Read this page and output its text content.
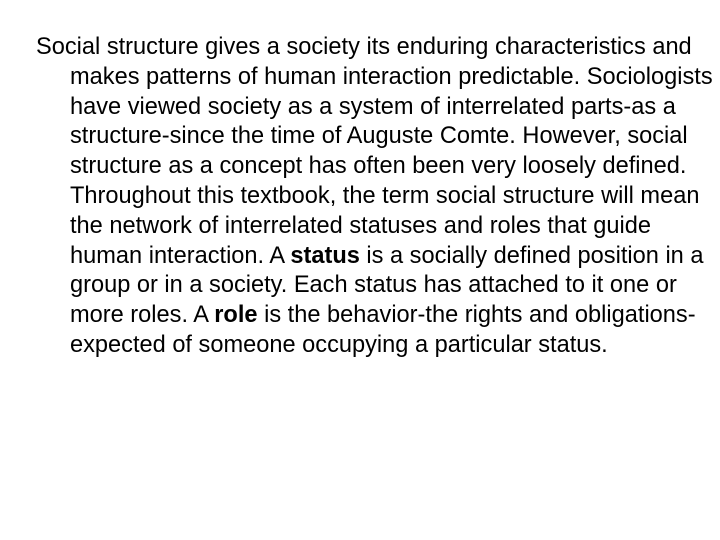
Social structure gives a society its enduring characteristics and makes patterns of human interaction predictable. Sociologists have viewed society as a system of interrelated parts-as a structure-since the time of Auguste Comte. However, social structure as a concept has often been very loosely defined. Throughout this textbook, the term social structure will mean the network of interrelated statuses and roles that guide human interaction. A status is a socially defined position in a group or in a society. Each status has attached to it one or more roles. A role is the behavior-the rights and obligations-expected of someone occupying a particular status.
